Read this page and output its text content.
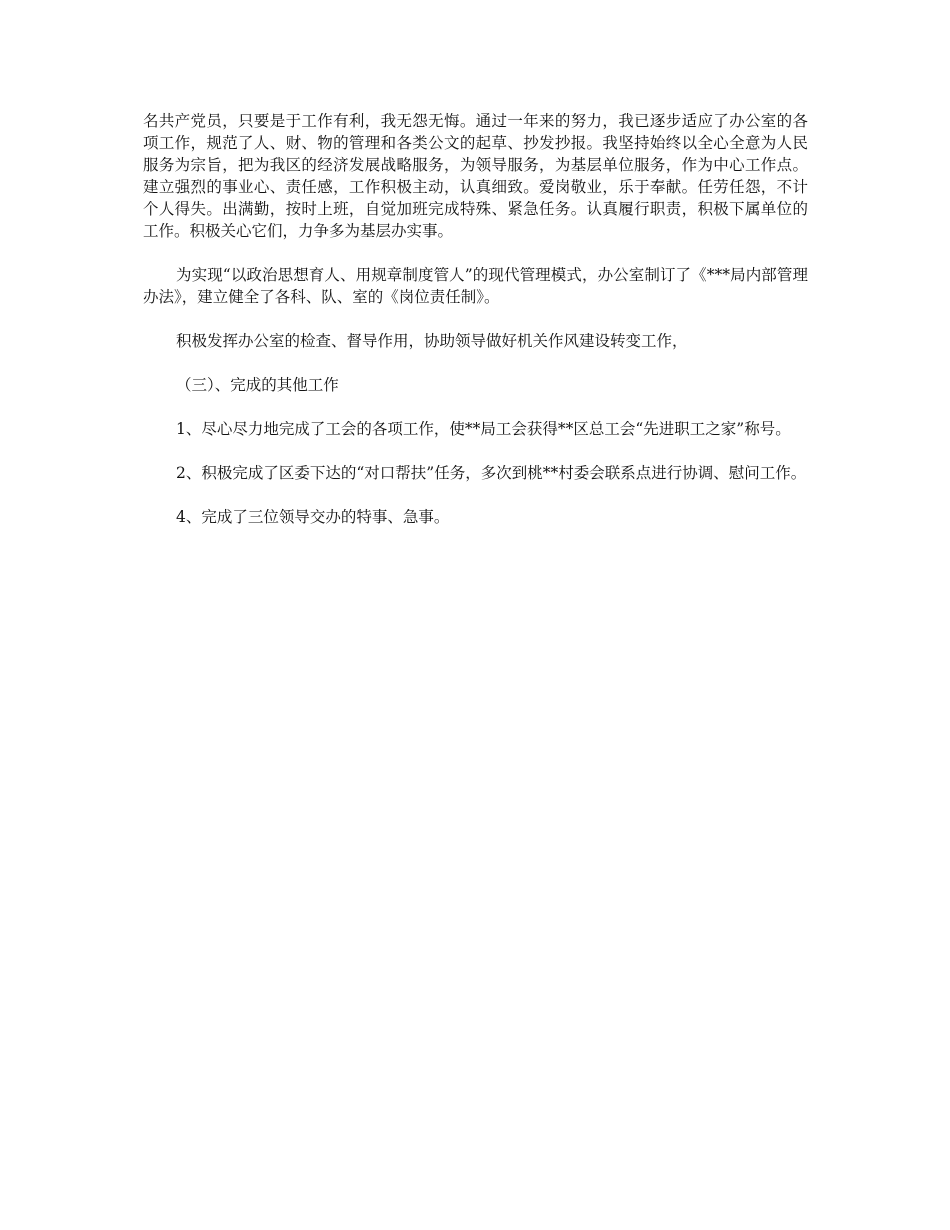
名共产党员，只要是于工作有利，我无怨无悔。通过一年来的努力，我已逐步适应了办公室的各项工作，规范了人、财、物的管理和各类公文的起草、抄发抄报。我坚持始终以全心全意为人民服务为宗旨，把为我区的经济发展战略服务，为领导服务，为基层单位服务，作为中心工作点。建立强烈的事业心、责任感，工作积极主动，认真细致。爱岗敬业，乐于奉献。任劳任怨，不计个人得失。出满勤，按时上班，自觉加班完成特殊、紧急任务。认真履行职责，积极下属单位的工作。积极关心它们，力争多为基层办实事。

为实现“以政治思想育人、用规章制度管人”的现代管理模式，办公室制订了《***局内部管理办法》，建立健全了各科、队、室的《岗位责任制》。

积极发挥办公室的检查、督导作用，协助领导做好机关作风建设转变工作，

（三）、完成的其他工作

1、尽心尽力地完成了工会的各项工作，使**局工会获得**区总工会“先进职工之家”称号。

2、积极完成了区委下达的“对口帮扶”任务，多次到桃**村委会联系点进行协调、慰问工作。

4、完成了三位领导交办的特事、急事。
